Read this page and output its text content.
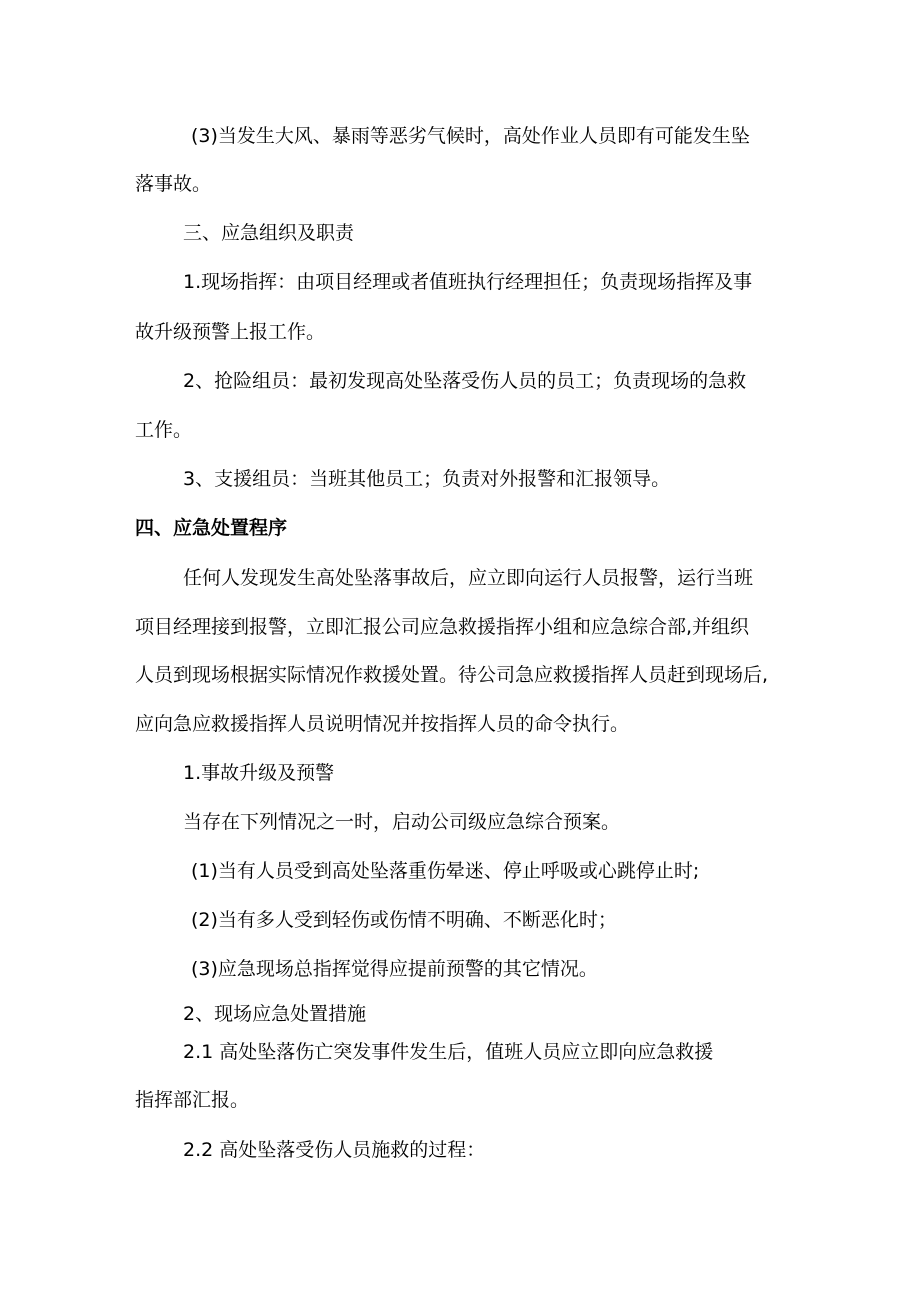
(3)当发生大风、暴雨等恶劣气候时，高处作业人员即有可能发生坠
落事故。
三、应急组织及职责
1.现场指挥：由项目经理或者值班执行经理担任；负责现场指挥及事
故升级预警上报工作。
2、抢险组员：最初发现高处坠落受伤人员的员工；负责现场的急救
工作。
3、支援组员：当班其他员工；负责对外报警和汇报领导。
四、应急处置程序
任何人发现发生高处坠落事故后，应立即向运行人员报警，运行当班
项目经理接到报警，立即汇报公司应急救援指挥小组和应急综合部,并组织
人员到现场根据实际情况作救援处置。待公司急应救援指挥人员赶到现场后,
应向急应救援指挥人员说明情况并按指挥人员的命令执行。
1.事故升级及预警
当存在下列情况之一时，启动公司级应急综合预案。
(1)当有人员受到高处坠落重伤晕迷、停止呼吸或心跳停止时;
(2)当有多人受到轻伤或伤情不明确、不断恶化时；
(3)应急现场总指挥觉得应提前预警的其它情况。
2、现场应急处置措施
2.1 高处坠落伤亡突发事件发生后，值班人员应立即向应急救援
指挥部汇报。
2.2 高处坠落受伤人员施救的过程：
